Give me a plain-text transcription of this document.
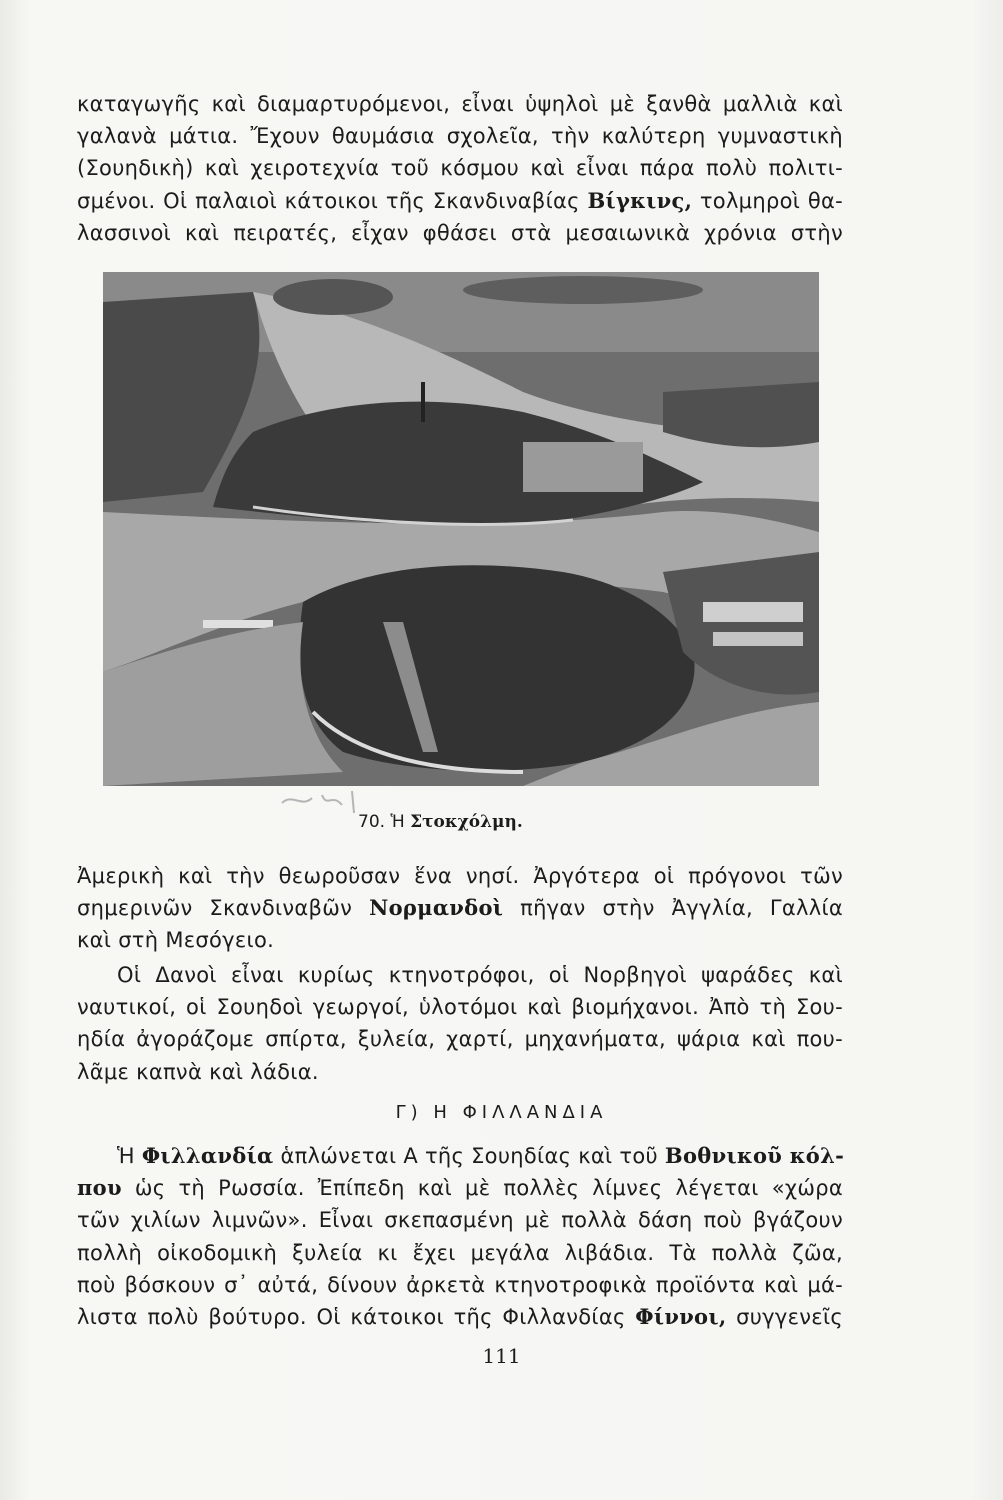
καταγωγῆς καὶ διαμαρτυρόμενοι, εἶναι ὑψηλοὶ μὲ ξανθὰ μαλλιὰ καὶ
γαλανὰ μάτια. Ἔχουν θαυμάσια σχολεῖα, τὴν καλύτερη γυμναστικὴ
(Σουηδικὴ) καὶ χειροτεχνία τοῦ κόσμου καὶ εἶναι πάρα πολὺ πολιτι-
σμένοι. Οἱ παλαιοὶ κάτοικοι τῆς Σκανδιναβίας Βίγκινς, τολμηροὶ θα-
λασσινοὶ καὶ πειρατές, εἶχαν φθάσει στὰ μεσαιωνικὰ χρόνια στὴν
70. Ἡ Στοκχόλμη.
Ἀμερικὴ καὶ τὴν θεωροῦσαν ἕνα νησί. Ἀργότερα οἱ πρόγονοι τῶν
σημερινῶν Σκανδιναβῶν Νορμανδοὶ πῆγαν στὴν Ἀγγλία, Γαλλία
καὶ στὴ Μεσόγειο.
Οἱ Δανοὶ εἶναι κυρίως κτηνοτρόφοι, οἱ Νορβηγοὶ ψαράδες καὶ
ναυτικοί, οἱ Σουηδοὶ γεωργοί, ὑλοτόμοι καὶ βιομήχανοι. Ἀπὸ τὴ Σου-
ηδία ἀγοράζομε σπίρτα, ξυλεία, χαρτί, μηχανήματα, ψάρια καὶ που-
λᾶμε καπνὰ καὶ λάδια.
Γ) Η ΦΙΛΛΑΝΔΙΑ
Ἡ Φιλλανδία ἁπλώνεται Α τῆς Σουηδίας καὶ τοῦ Βοθνικοῦ κόλ-
που ὡς τὴ Ρωσσία. Ἐπίπεδη καὶ μὲ πολλὲς λίμνες λέγεται «χώρα
τῶν χιλίων λιμνῶν». Εἶναι σκεπασμένη μὲ πολλὰ δάση ποὺ βγάζουν
πολλὴ οἰκοδομικὴ ξυλεία κι ἔχει μεγάλα λιβάδια. Τὰ πολλὰ ζῶα,
ποὺ βόσκουν σ᾽ αὐτά, δίνουν ἀρκετὰ κτηνοτροφικὰ προϊόντα καὶ μά-
λιστα πολὺ βούτυρο. Οἱ κάτοικοι τῆς Φιλλανδίας Φίννοι, συγγενεῖς
111
